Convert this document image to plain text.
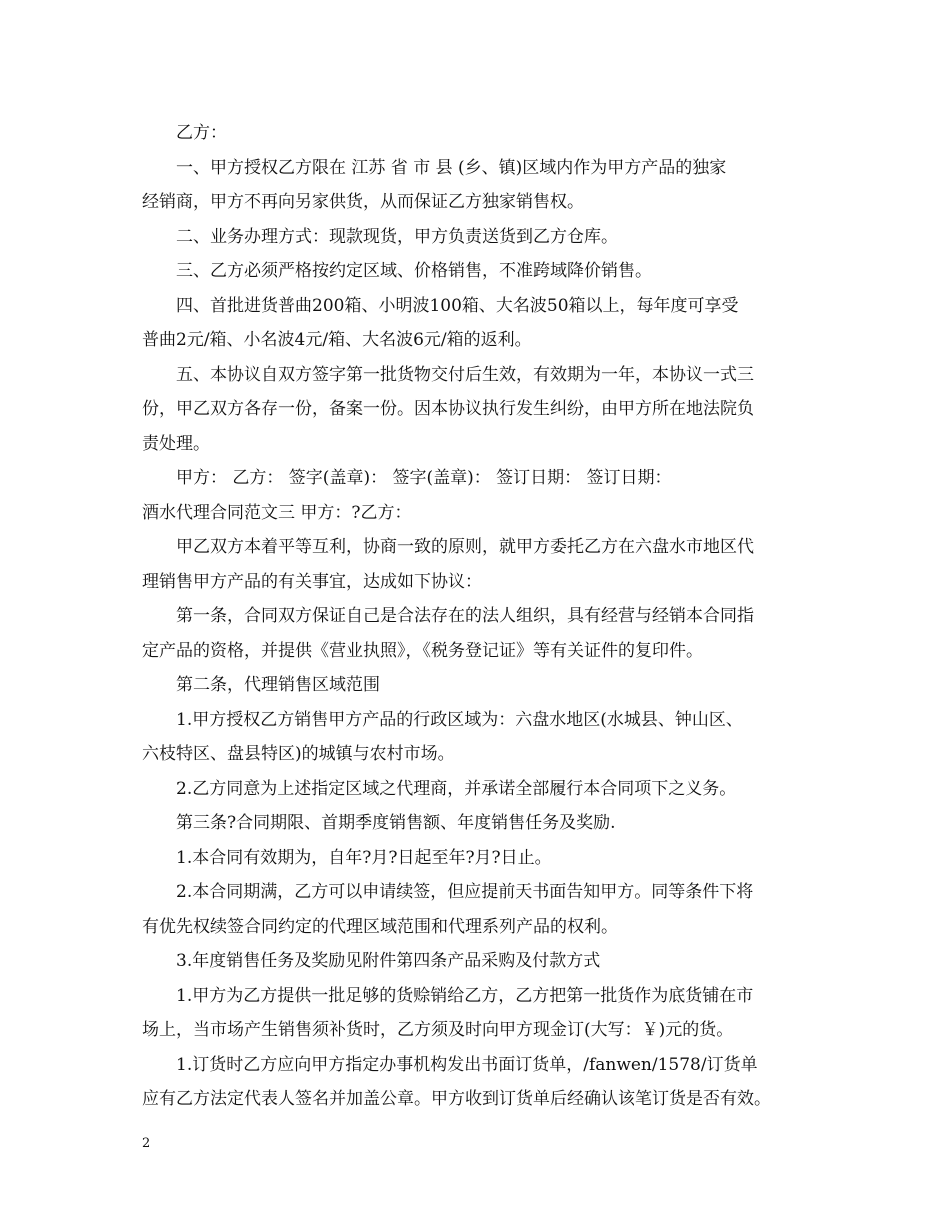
乙方：
一、甲方授权乙方限在 江苏 省 市 县 (乡、镇)区域内作为甲方产品的独家
经销商，甲方不再向另家供货，从而保证乙方独家销售权。
二、业务办理方式：现款现货，甲方负责送货到乙方仓库。
三、乙方必须严格按约定区域、价格销售，不准跨域降价销售。
四、首批进货普曲200箱、小明波100箱、大名波50箱以上，每年度可享受
普曲2元/箱、小名波4元/箱、大名波6元/箱的返利。
五、本协议自双方签字第一批货物交付后生效，有效期为一年，本协议一式三
份，甲乙双方各存一份，备案一份。因本协议执行发生纠纷，由甲方所在地法院负
责处理。
甲方： 乙方： 签字(盖章)： 签字(盖章)： 签订日期： 签订日期：
酒水代理合同范文三 甲方：?乙方：
甲乙双方本着平等互利，协商一致的原则，就甲方委托乙方在六盘水市地区代
理销售甲方产品的有关事宜，达成如下协议：
第一条，合同双方保证自己是合法存在的法人组织，具有经营与经销本合同指
定产品的资格，并提供《营业执照》，《税务登记证》等有关证件的复印件。
第二条，代理销售区域范围
1.甲方授权乙方销售甲方产品的行政区域为：六盘水地区(水城县、钟山区、
六枝特区、盘县特区)的城镇与农村市场。
2.乙方同意为上述指定区域之代理商，并承诺全部履行本合同项下之义务。
第三条?合同期限、首期季度销售额、年度销售任务及奖励.
1.本合同有效期为，自年?月?日起至年?月?日止。
2.本合同期满，乙方可以申请续签，但应提前天书面告知甲方。同等条件下将
有优先权续签合同约定的代理区域范围和代理系列产品的权利。
3.年度销售任务及奖励见附件第四条产品采购及付款方式
1.甲方为乙方提供一批足够的货赊销给乙方，乙方把第一批货作为底货铺在市
场上，当市场产生销售须补货时，乙方须及时向甲方现金订(大写：￥)元的货。
1.订货时乙方应向甲方指定办事机构发出书面订货单，/fanwen/1578/订货单
应有乙方法定代表人签名并加盖公章。甲方收到订货单后经确认该笔订货是否有效。
2
